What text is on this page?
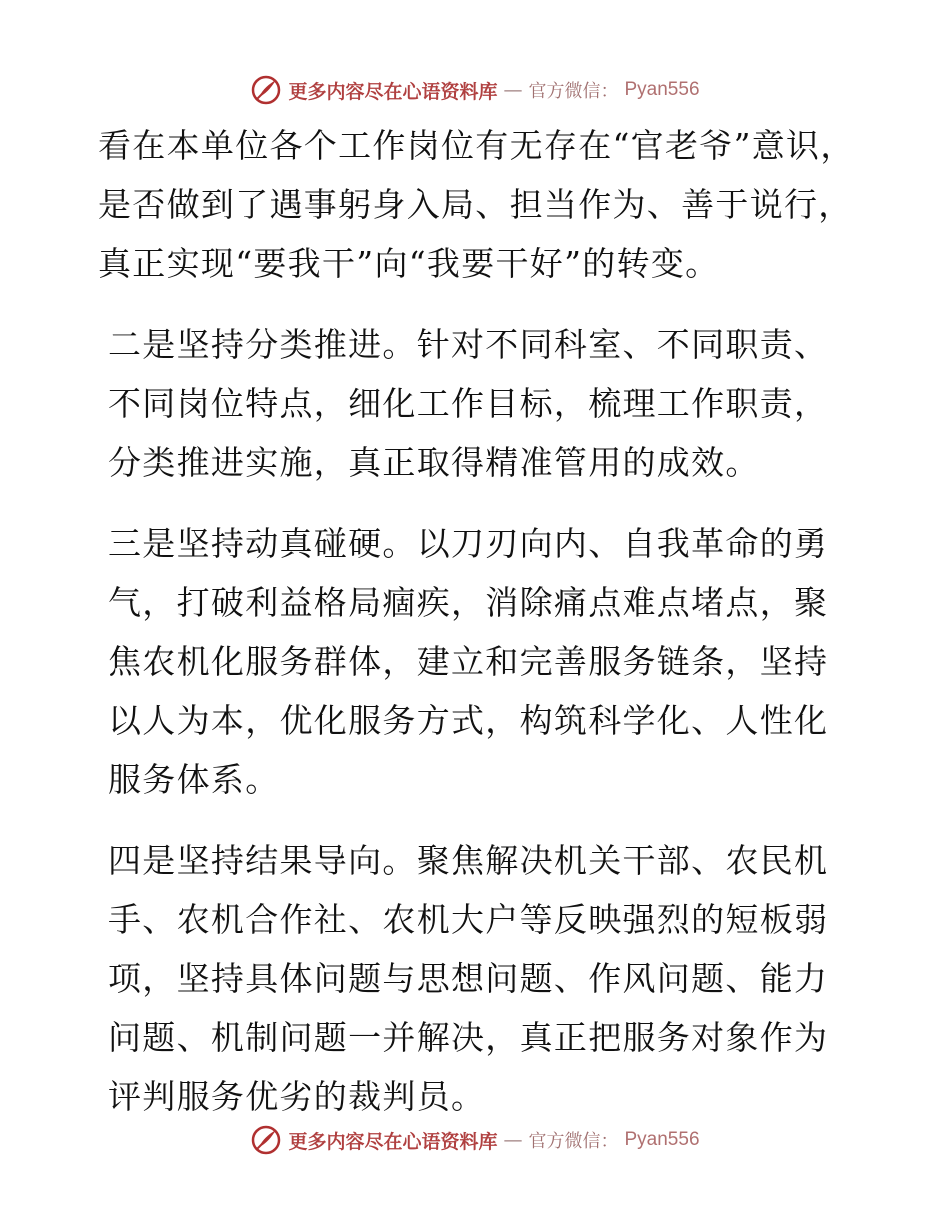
更多内容尽在心语资料库 — 官方微信： Pyan556

看在本单位各个工作岗位有无存在“官老爷”意识，是否做到了遇事躬身入局、担当作为、善于说行，真正实现“要我干”向“我要干好”的转变。

二是坚持分类推进。针对不同科室、不同职责、不同岗位特点，细化工作目标，梳理工作职责，分类推进实施，真正取得精准管用的成效。

三是坚持动真碰硬。以刀刃向内、自我革命的勇气，打破利益格局痼疾，消除痛点难点堵点，聚焦农机化服务群体，建立和完善服务链条，坚持以人为本，优化服务方式，构筑科学化、人性化服务体系。

四是坚持结果导向。聚焦解决机关干部、农民机手、农机合作社、农机大户等反映强烈的短板弱项，坚持具体问题与思想问题、作风问题、能力问题、机制问题一并解决，真正把服务对象作为评判服务优劣的裁判员。

更多内容尽在心语资料库 — 官方微信： Pyan556
